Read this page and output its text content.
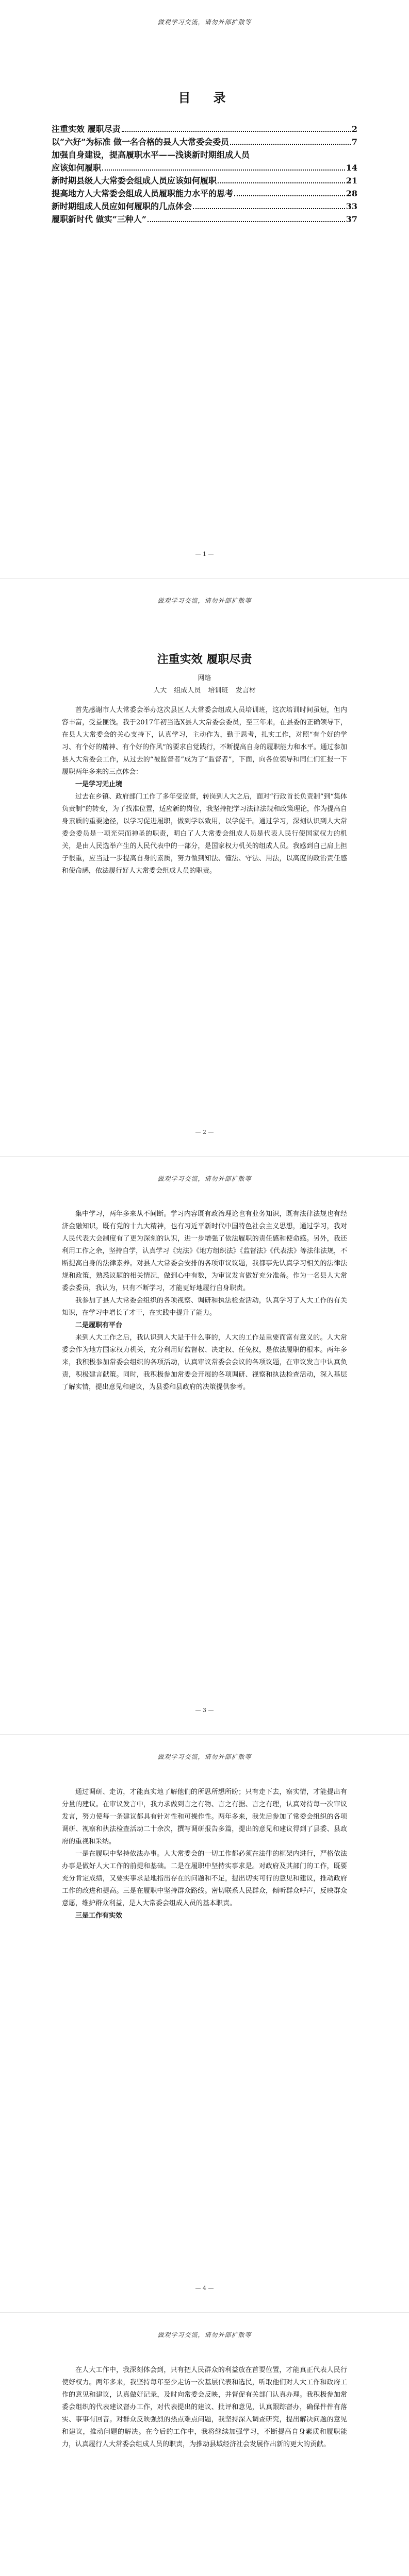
做观学习交流，请勿外部扩散等
目　录
注重实效 履职尽责	2
以“六好”为标准 做一名合格的县人大常委会委员	7
加强自身建设，提高履职水平——浅谈新时期组成人员
应该如何履职	14
新时期县级人大常委会组成人员应该如何履职	21
提高地方人大常委会组成人员履职能力水平的思考	28
新时期组成人员应如何履职的几点体会	33
履职新时代 做实“三种人”	37
— 1 —
做观学习交流，请勿外部扩散等
注重实效 履职尽责
网络
人大 组成人员 培训班 发言材

首先感谢市人大常委会举办这次县区人大常委会组成人员培训班，这次培训时间虽短，但内容丰富，受益匪浅。我于2017年初当选X县人大常委会委员，至三年来，在县委的正确领导下，在县人大常委会的关心支持下，认真学习，主动作为，勤于思考，扎实工作，对照“有个好的学习、有个好的精神、有个好的作风”的要求自觉践行，不断提高自身的履职能力和水平。通过参加县人大常委会工作，从过去的“被监督者”成为了“监督者”，下面，向各位领导和同仁们汇报一下履职两年多来的三点体会：

一是学习无止境

过去在乡镇、政府部门工作了多年受监督，转岗到人大之后，面对“行政首长负责制”到“集体负责制”的转变，为了找准位置，适应新的岗位，我坚持把学习法律法规和政策理论，作为提高自身素质的重要途径，以学习促进履职，做到学以致用，以学促干。通过学习，深刻认识到人大常委会委员是一项光荣而神圣的职责，明白了人大常委会组成人员是代表人民行使国家权力的机关，是由人民选举产生的人民代表中的一部分，是国家权力机关的组成人员。我感到自己肩上担子很重，应当进一步提高自身的素质，努力做到知法、懂法、守法、用法，以高度的政治责任感和使命感，依法履行好人大常委会组成人员的职责。

— 2 —
做观学习交流，请勿外部扩散等

集中学习，两年多来从不间断。学习内容既有政治理论也有业务知识，既有法律法规也有经济金融知识，既有党的十九大精神，也有习近平新时代中国特色社会主义思想，通过学习，我对人民代表大会制度有了更为深刻的认识，进一步增强了依法履职的责任感和使命感。另外，我还利用工作之余，坚持自学，认真学习《宪法》《地方组织法》《监督法》《代表法》等法律法规，不断提高自身的法律素养。对县人大常委会安排的各项审议议题，我都事先认真学习相关的法律法规和政策，熟悉议题的相关情况，做到心中有数，为审议发言做好充分准备。作为一名县人大常委会委员，我认为，只有不断学习，才能更好地履行自身职责。

我参加了县人大常委会组织的各项视察、调研和执法检查活动，认真学习了人大工作的有关知识，在学习中增长了才干，在实践中提升了能力。

二是履职有平台

来到人大工作之后，我认识到人大是干什么事的，人大的工作是重要而富有意义的。人大常委会作为地方国家权力机关，充分利用好监督权、决定权、任免权，是依法履职的根本。两年多来，我积极参加常委会组织的各项活动，认真审议常委会会议的各项议题，在审议发言中认真负责，积极建言献策。同时，我积极参加常委会开展的各项调研、视察和执法检查活动，深入基层了解实情，提出意见和建议，为县委和县政府的决策提供参考。

— 3 —
做观学习交流，请勿外部扩散等

通过调研、走访，才能真实地了解他们的所思所想所盼；只有走下去，察实情，才能提出有分量的建议。在审议发言中，我力求做到言之有物、言之有据、言之有理，认真对待每一次审议发言，努力使每一条建议都具有针对性和可操作性。两年多来，我先后参加了常委会组织的各项调研、视察和执法检查活动二十余次，撰写调研报告多篇，提出的意见和建议得到了县委、县政府的重视和采纳。

一是在履职中坚持依法办事。人大常委会的一切工作都必须在法律的框架内进行，严格依法办事是做好人大工作的前提和基础。二是在履职中坚持实事求是。对政府及其部门的工作，既要充分肯定成绩，又要实事求是地指出存在的问题和不足，提出切实可行的意见和建议，推动政府工作的改进和提高。三是在履职中坚持群众路线。密切联系人民群众，倾听群众呼声，反映群众意愿，维护群众利益，是人大常委会组成人员的基本职责。

三是工作有实效
— 4 —
做观学习交流，请勿外部扩散等

在人大工作中，我深刻体会到，只有把人民群众的利益放在首要位置，才能真正代表人民行使好权力。两年多来，我坚持每年至少走访一次基层代表和选民，听取他们对人大工作和政府工作的意见和建议，认真做好记录，及时向常委会反映，并督促有关部门认真办理。我积极参加常委会组织的代表建议督办工作，对代表提出的建议、批评和意见，认真跟踪督办，确保件件有落实、事事有回音。对群众反映强烈的热点难点问题，我坚持深入调查研究，提出解决问题的意见和建议，推动问题的解决。在今后的工作中，我将继续加强学习，不断提高自身素质和履职能力，认真履行人大常委会组成人员的职责，为推动县域经济社会发展作出新的更大的贡献。
